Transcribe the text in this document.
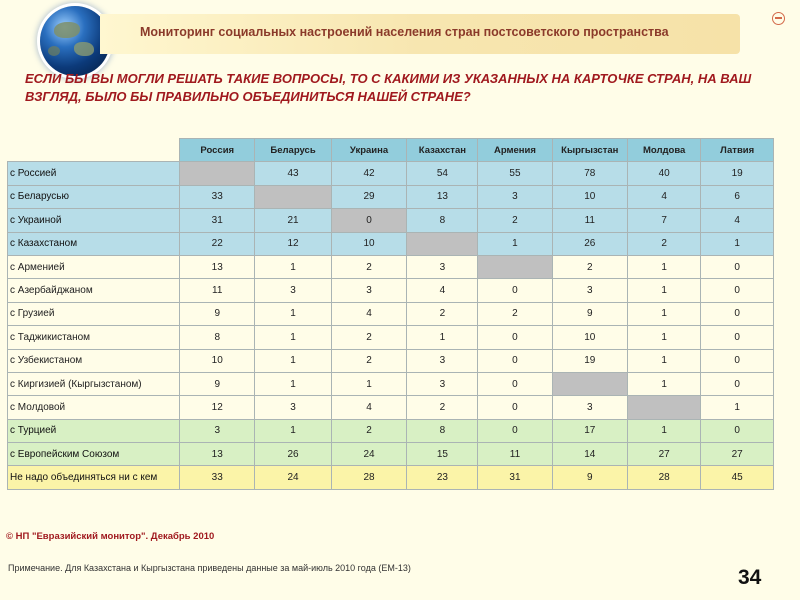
Мониторинг социальных настроений населения стран постсоветского пространства
ЕСЛИ БЫ ВЫ МОГЛИ РЕШАТЬ ТАКИЕ ВОПРОСЫ, ТО С КАКИМИ ИЗ УКАЗАННЫХ НА КАРТОЧКЕ СТРАН, НА ВАШ ВЗГЛЯД, БЫЛО БЫ ПРАВИЛЬНО ОБЪЕДИНИТЬСЯ НАШЕЙ СТРАНЕ?
	Россия	Беларусь	Украина	Казахстан	Армения	Кыргызстан	Молдова	Латвия
с Россией		43	42	54	55	78	40	19
с Беларусью	33		29	13	3	10	4	6
с Украиной	31	21	0	8	2	11	7	4
с Казахстаном	22	12	10		1	26	2	1
с Арменией	13	1	2	3		2	1	0
с Азербайджаном	11	3	3	4	0	3	1	0
с Грузией	9	1	4	2	2	9	1	0
с Таджикистаном	8	1	2	1	0	10	1	0
с Узбекистаном	10	1	2	3	0	19	1	0
с Киргизией (Кыргызстаном)	9	1	1	3	0		1	0
с Молдовой	12	3	4	2	0	3		1
с Турцией	3	1	2	8	0	17	1	0
с Европейским Союзом	13	26	24	15	11	14	27	27
Не надо объединяться ни с кем	33	24	28	23	31	9	28	45
© НП "Евразийский монитор". Декабрь 2010
Примечание. Для Казахстана и Кыргызстана приведены данные за май-июль 2010 года (ЕМ-13)	34
